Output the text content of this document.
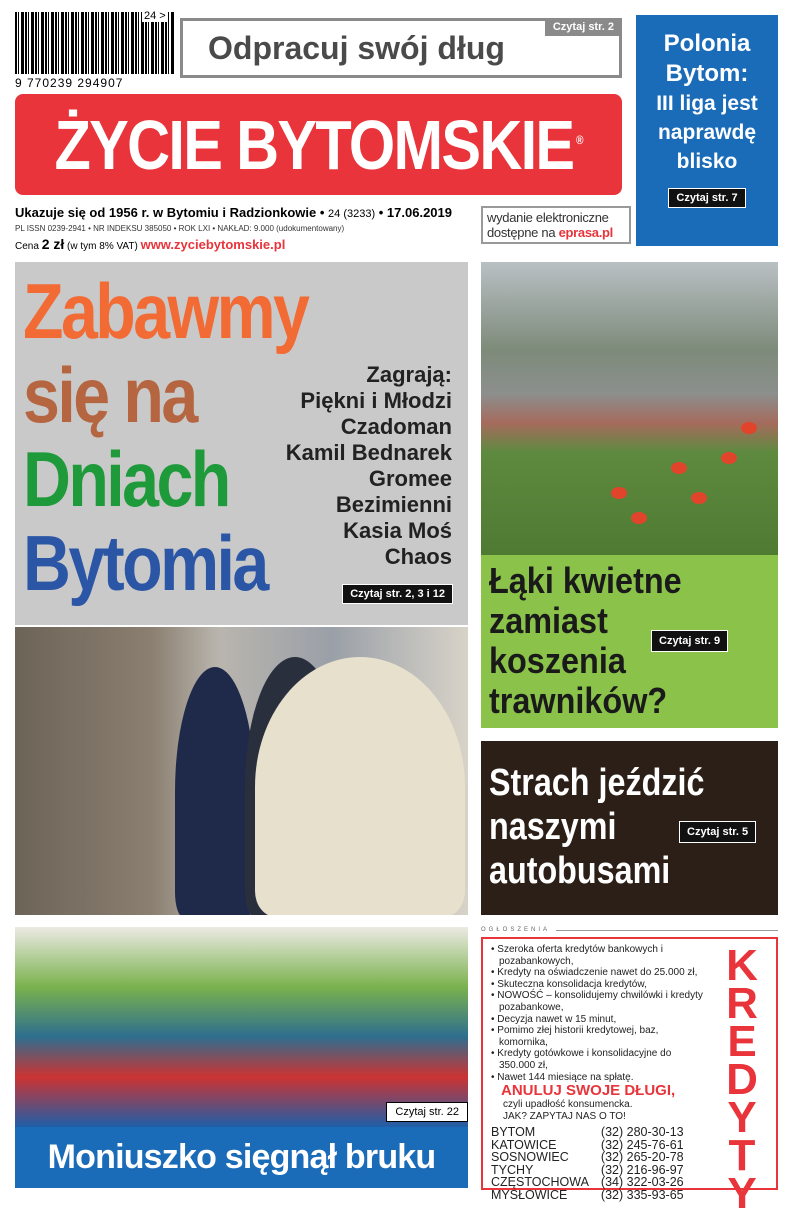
9 770239 294907
24 >
Odpracuj swój dług
Czytaj str. 2
Polonia
Bytom:
III liga jest
naprawdę
blisko
Czytaj str. 7
ŻYCIE BYTOMSKIE ®
Ukazuje się od 1956 r. w Bytomiu i Radzionkowie • 24 (3233) • 17.06.2019
PL ISSN 0239-2941 • NR INDEKSU 385050 • ROK LXI • NAKŁAD: 9.000 (udokumentowany)
Cena 2 zł (w tym 8% VAT) www.zyciebytomskie.pl
wydanie elektroniczne dostępne na eprasa.pl
Zabawmy
się na
Dniach
Bytomia
Zagrają:
Piękni i Młodzi
Czadoman
Kamil Bednarek
Gromee
Bezimienni
Kasia Moś
Chaos
Czytaj str. 2, 3 i 12 Łąki kwietne
zamiast
koszenia
trawników?
Czytaj str. 9
Strach jeździć
naszymi
autobusami
Czytaj str. 5
Czytaj str. 22
Moniuszko sięgnął bruku
OGŁOSZENIA
• Szeroka oferta kredytów bankowych i pozabankowych,
• Kredyty na oświadczenie nawet do 25.000 zł,
• Skuteczna konsolidacja kredytów,
• NOWOŚĆ – konsolidujemy chwilówki i kredyty pozabankowe,
• Decyzja nawet w 15 minut,
• Pomimo złej historii kredytowej, baz, komornika,
• Kredyty gotówkowe i konsolidacyjne do 350.000 zł,
• Nawet 144 miesiące na spłatę.
ANULUJ SWOJE DŁUGI,
czyli upadłość konsumencka.
JAK? ZAPYTAJ NAS O TO!
BYTOM	(32) 280-30-13
KATOWICE	(32) 245-76-61
SOSNOWIEC	(32) 265-20-78
TYCHY	(32) 216-96-97
CZĘSTOCHOWA	(34) 322-03-26
MYSŁOWICE	(32) 335-93-65
K
R
E
D
Y
T
Y
